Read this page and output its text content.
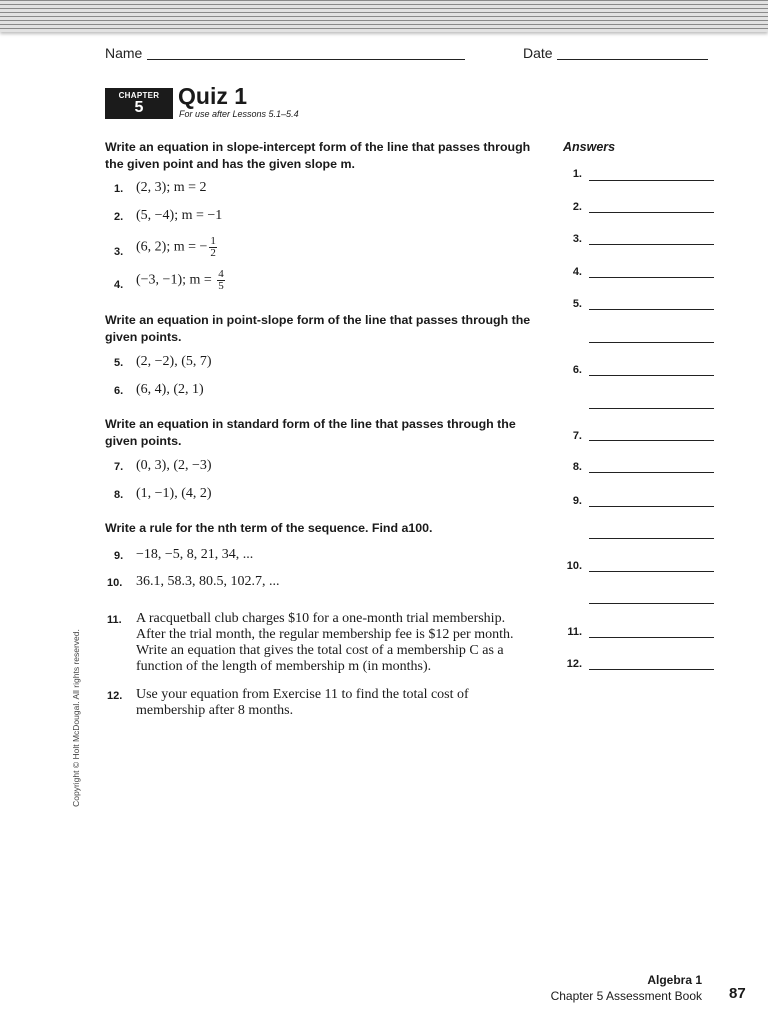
Name	Date
CHAPTER
5	Quiz 1
For use after Lessons 5.1–5.4
Write an equation in slope-intercept form of the line that passes through the given point and has the given slope m.
1. (2, 3); m = 2
2. (5, −4); m = −1
3. (6, 2); m = − $\frac{1}{2}$
4. (−3, −1); $m = \frac{4}{5}$
Write an equation in point-slope form of the line that passes through the given points.
5. (2, −2), (5, 7)
6. (6, 4), (2, 1)
Write an equation in standard form of the line that passes through the given points.
7. (0, 3), (2, −3)
8. (1, −1), (4, 2)
Write a rule for the nth term of the sequence. Find a100.
9. −18, −5, 8, 21, 34, ...
10. 36.1, 58.3, 80.5, 102.7, ...
11. A racquetball club charges $10 for a one-month trial membership. After the trial month, the regular membership fee is $12 per month. Write an equation that gives the total cost of a membership C as a function of the length of membership m (in months).
12. Use your equation from Exercise 11 to find the total cost of membership after 8 months.
Answers
1.
2.
3.
4.
5.
6.
7.
8.
9.
10.
11.
12.
Copyright © Holt McDougal. All rights reserved.
Algebra 1
Chapter 5 Assessment Book 87
